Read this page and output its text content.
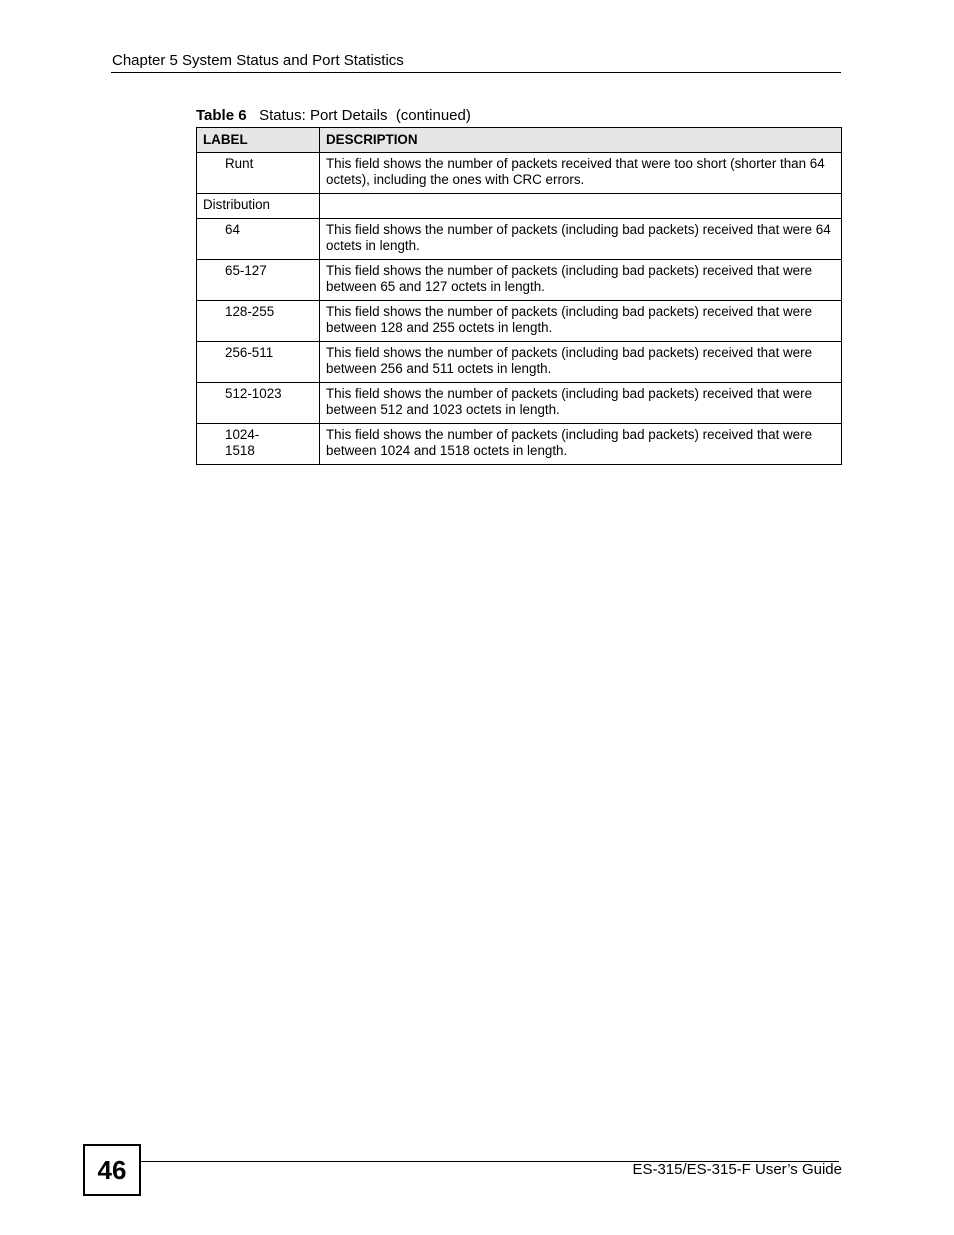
Chapter 5 System Status and Port Statistics
Table 6 Status: Port Details  (continued)
LABEL	DESCRIPTION
Runt	This field shows the number of packets received that were too short (shorter than 64 octets), including the ones with CRC errors.
Distribution	
64	This field shows the number of packets (including bad packets) received that were 64 octets in length.
65-127	This field shows the number of packets (including bad packets) received that were between 65 and 127 octets in length.
128-255	This field shows the number of packets (including bad packets) received that were between 128 and 255 octets in length.
256-511	This field shows the number of packets (including bad packets) received that were between 256 and 511 octets in length.
512-1023	This field shows the number of packets (including bad packets) received that were between 512 and 1023 octets in length.
1024-
1518	This field shows the number of packets (including bad packets) received that were between 1024 and 1518 octets in length.
46	ES-315/ES-315-F User’s Guide
